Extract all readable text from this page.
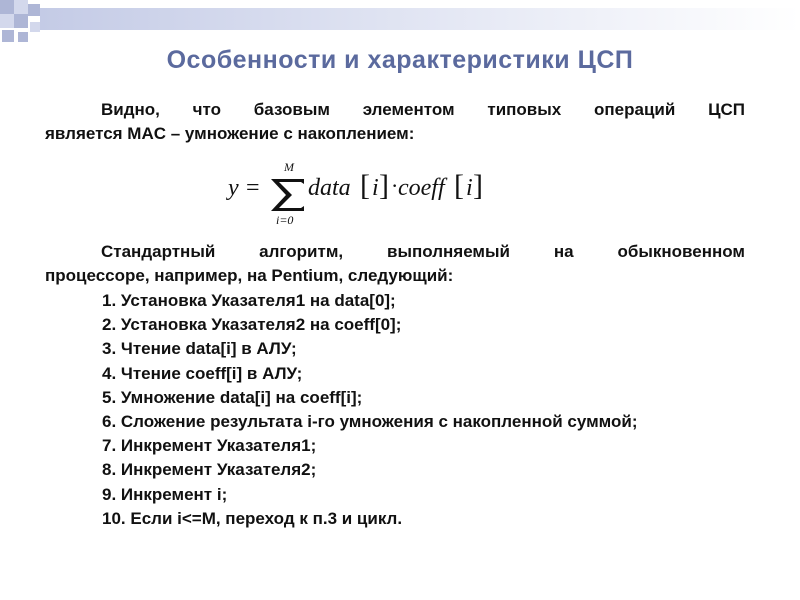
Особенности и характеристики ЦСП
Видно, что базовым элементом типовых операций ЦСП
является MAC – умножение с накоплением:
y =
M
i=0
data [ i ] · coeff [ i ]
Стандартный алгоритм, выполняемый на обыкновенном
процессоре, например, на Pentium, следующий:
1. Установка Указателя1 на data[0];
2. Установка Указателя2 на coeff[0];
3. Чтение data[i] в АЛУ;
4. Чтение coeff[i] в АЛУ;
5. Умножение data[i] на coeff[i];
6. Сложение результата i-го умножения с накопленной суммой;
7. Инкремент Указателя1;
8. Инкремент Указателя2;
9. Инкремент i;
10. Если i<=M, переход к п.3 и цикл.
